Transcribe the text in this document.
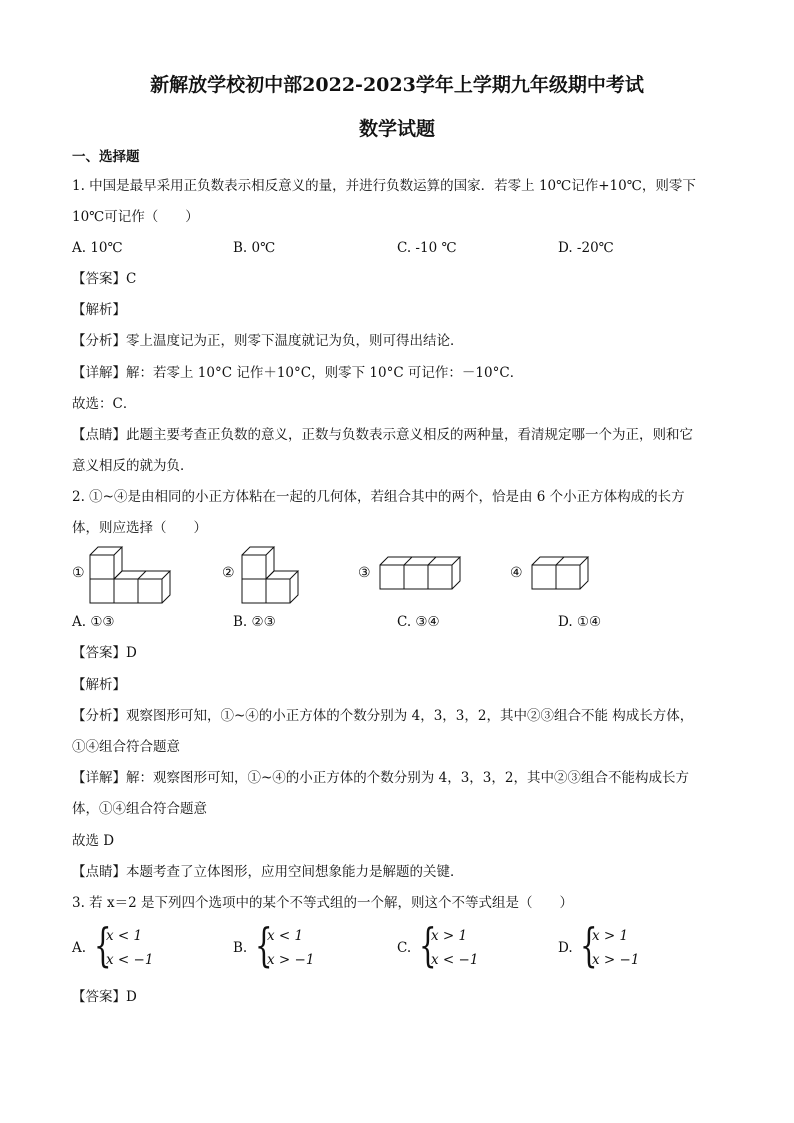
新解放学校初中部2022-2023学年上学期九年级期中考试
数学试题
一、选择题
1. 中国是最早采用正负数表示相反意义的量，并进行负数运算的国家．若零上 10℃记作+10℃，则零下
10℃可记作（　　）
A. 10℃	B. 0℃	C. -10 ℃	D. -20℃
【答案】C
【解析】
【分析】零上温度记为正，则零下温度就记为负，则可得出结论．
【详解】解：若零上 10°C 记作＋10°C，则零下 10°C 可记作：－10°C．
故选：C．
【点睛】此题主要考查正负数的意义，正数与负数表示意义相反的两种量，看清规定哪一个为正，则和它
意义相反的就为负．
2. ①~④是由相同的小正方体粘在一起的几何体，若组合其中的两个，恰是由 6 个小正方体构成的长方
体，则应选择（　　）
①	②	③	④
A. ①③	B. ②③	C. ③④	D. ①④
【答案】D
【解析】
【分析】观察图形可知，①~④的小正方体的个数分别为 4，3，3，2，其中②③组合不能 构成长方体，
①④组合符合题意
【详解】解：观察图形可知，①~④的小正方体的个数分别为 4，3，3，2，其中②③组合不能构成长方
体，①④组合符合题意
故选 D
【点睛】本题考查了立体图形，应用空间想象能力是解题的关键．
3. 若 x＝2 是下列四个选项中的某个不等式组的一个解，则这个不等式组是（　　）
A. {
x < 1
x < −1
B. {
x < 1
x > −1
C. {
x > 1
x < −1
D. {
x > 1
x > −1
【答案】D
